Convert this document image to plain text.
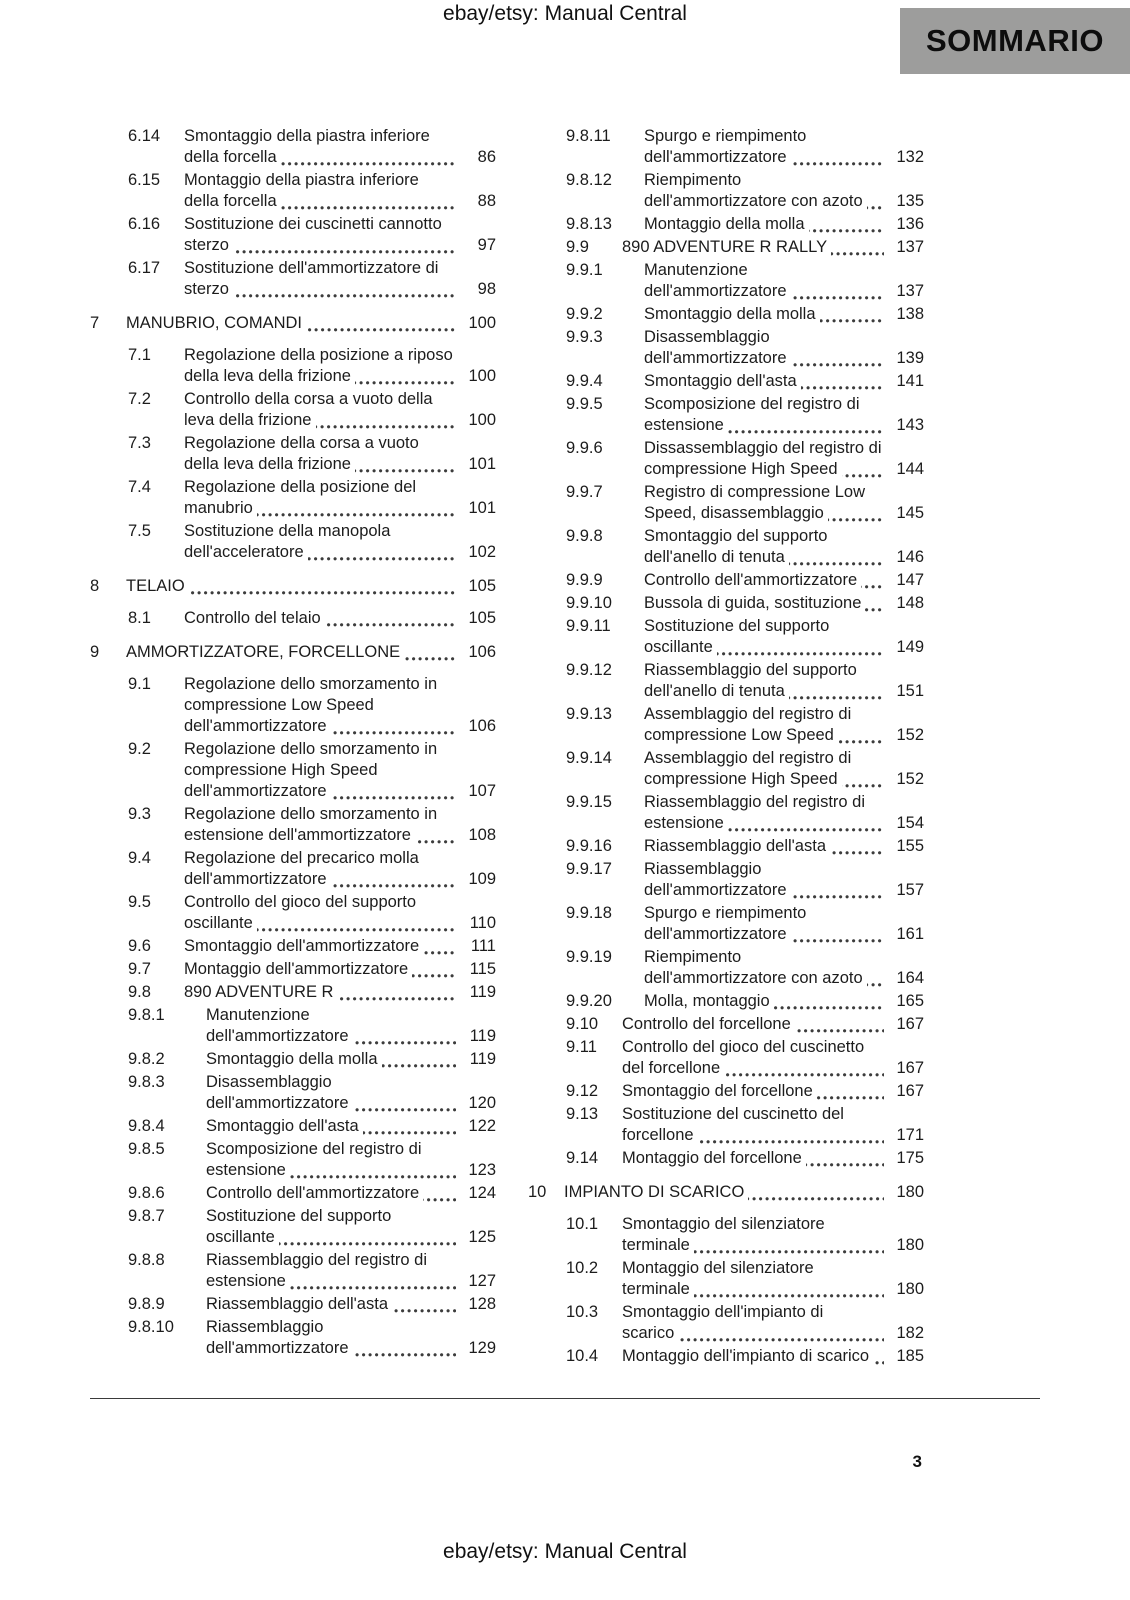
ebay/etsy: Manual Central
SOMMARIO
6.14	Smontaggio della piastra inferiore della forcella	86
6.15	Montaggio della piastra inferiore della forcella	88
6.16	Sostituzione dei cuscinetti cannotto sterzo	97
6.17	Sostituzione dell'ammortizzatore di sterzo	98
7	MANUBRIO, COMANDI	100
7.1	Regolazione della posizione a riposo della leva della frizione	100
7.2	Controllo della corsa a vuoto della leva della frizione	100
7.3	Regolazione della corsa a vuoto della leva della frizione	101
7.4	Regolazione della posizione del manubrio	101
7.5	Sostituzione della manopola dell'acceleratore	102
8	TELAIO	105
8.1	Controllo del telaio	105
9	AMMORTIZZATORE, FORCELLONE	106
9.1	Regolazione dello smorzamento in compressione Low Speed dell'ammortizzatore	106
9.2	Regolazione dello smorzamento in compressione High Speed dell'ammortizzatore	107
9.3	Regolazione dello smorzamento in estensione dell'ammortizzatore	108
9.4	Regolazione del precarico molla dell'ammortizzatore	109
9.5	Controllo del gioco del supporto oscillante	110
9.6	Smontaggio dell'ammortizzatore	111
9.7	Montaggio dell'ammortizzatore	115
9.8	890 ADVENTURE R	119
9.8.1	Manutenzione dell'ammortizzatore	119
9.8.2	Smontaggio della molla	119
9.8.3	Disassemblaggio dell'ammortizzatore	120
9.8.4	Smontaggio dell'asta	122
9.8.5	Scomposizione del registro di estensione	123
9.8.6	Controllo dell'ammortizzatore	124
9.8.7	Sostituzione del supporto oscillante	125
9.8.8	Riassemblaggio del registro di estensione	127
9.8.9	Riassemblaggio dell'asta	128
9.8.10	Riassemblaggio dell'ammortizzatore	129
9.8.11	Spurgo e riempimento dell'ammortizzatore	132
9.8.12	Riempimento dell'ammortizzatore con azoto	135
9.8.13	Montaggio della molla	136
9.9	890 ADVENTURE R RALLY	137
9.9.1	Manutenzione dell'ammortizzatore	137
9.9.2	Smontaggio della molla	138
9.9.3	Disassemblaggio dell'ammortizzatore	139
9.9.4	Smontaggio dell'asta	141
9.9.5	Scomposizione del registro di estensione	143
9.9.6	Dissassemblaggio del registro di compressione High Speed	144
9.9.7	Registro di compressione Low Speed, disassemblaggio	145
9.9.8	Smontaggio del supporto dell'anello di tenuta	146
9.9.9	Controllo dell'ammortizzatore	147
9.9.10	Bussola di guida, sostituzione	148
9.9.11	Sostituzione del supporto oscillante	149
9.9.12	Riassemblaggio del supporto dell'anello di tenuta	151
9.9.13	Assemblaggio del registro di compressione Low Speed	152
9.9.14	Assemblaggio del registro di compressione High Speed	152
9.9.15	Riassemblaggio del registro di estensione	154
9.9.16	Riassemblaggio dell'asta	155
9.9.17	Riassemblaggio dell'ammortizzatore	157
9.9.18	Spurgo e riempimento dell'ammortizzatore	161
9.9.19	Riempimento dell'ammortizzatore con azoto	164
9.9.20	Molla, montaggio	165
9.10	Controllo del forcellone	167
9.11	Controllo del gioco del cuscinetto del forcellone	167
9.12	Smontaggio del forcellone	167
9.13	Sostituzione del cuscinetto del forcellone	171
9.14	Montaggio del forcellone	175
10	IMPIANTO DI SCARICO	180
10.1	Smontaggio del silenziatore terminale	180
10.2	Montaggio del silenziatore terminale	180
10.3	Smontaggio dell'impianto di scarico	182
10.4	Montaggio dell'impianto di scarico	185
3
ebay/etsy: Manual Central
